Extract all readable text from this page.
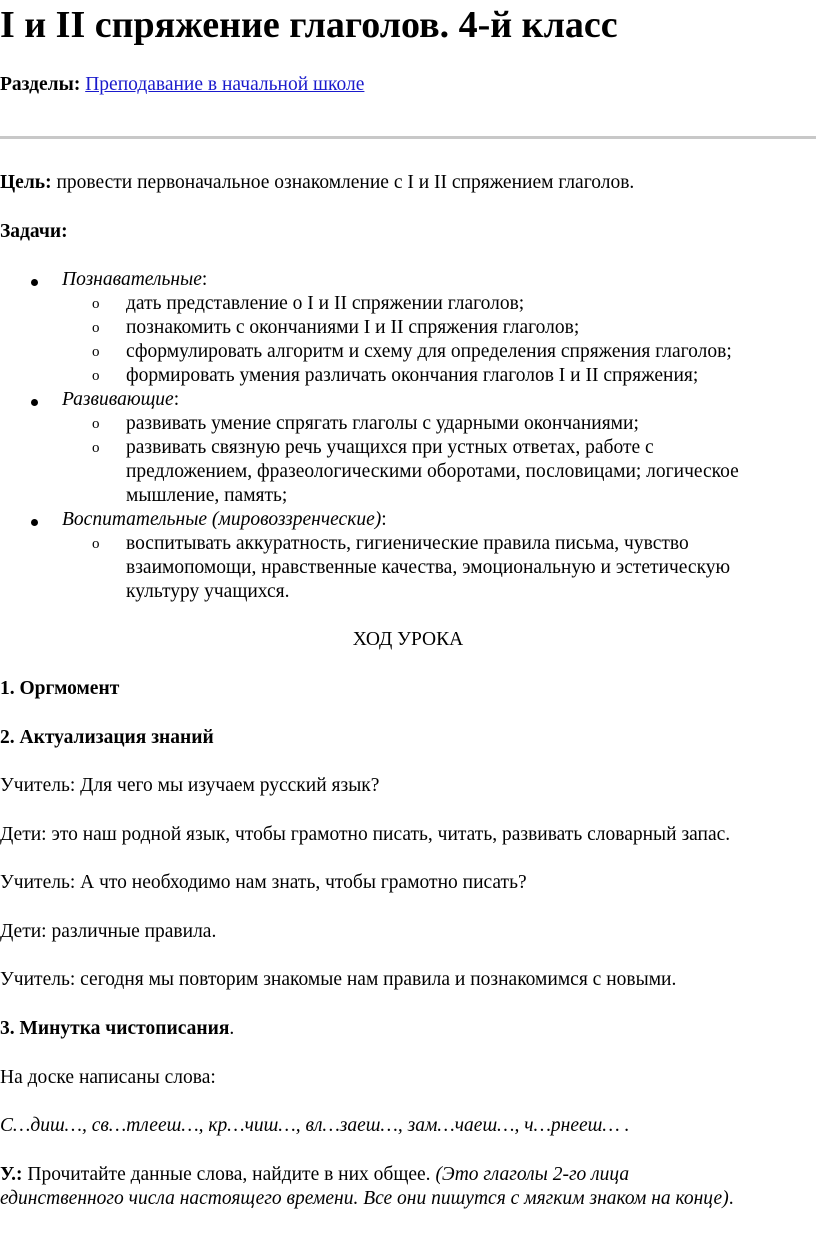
I и II спряжение глаголов. 4-й класс
Разделы: Преподавание в начальной школе
Цель: провести первоначальное ознакомление с I и II спряжением глаголов.
Задачи:
Познавательные:
o дать представление о I и II спряжении глаголов;
o познакомить с окончаниями I и II спряжения глаголов;
o сформулировать алгоритм и схему для определения спряжения глаголов;
o формировать умения различать окончания глаголов I и II спряжения;
Развивающие:
o развивать умение спрягать глаголы с ударными окончаниями;
o развивать связную речь учащихся при устных ответах, работе с
предложением, фразеологическими оборотами, пословицами; логическое
мышление, память;
Воспитательные (мировоззренческие):
o воспитывать аккуратность, гигиенические правила письма, чувство
взаимопомощи, нравственные качества, эмоциональную и эстетическую
культуру учащихся.
ХОД УРОКА
1. Оргмомент
2. Актуализация знаний
Учитель: Для чего мы изучаем русский язык?
Дети: это наш родной язык, чтобы грамотно писать, читать, развивать словарный запас.
Учитель: А что необходимо нам знать, чтобы грамотно писать?
Дети: различные правила.
Учитель: сегодня мы повторим знакомые нам правила и познакомимся с новыми.
3. Минутка чистописания.
На доске написаны слова:
С…диш…, св…тлееш…, кр…чиш…, вл…заеш…, зам…чаеш…, ч…рнееш… .
У.: Прочитайте данные слова, найдите в них общее. (Это глаголы 2-го лица
единственного числа настоящего времени. Все они пишутся с мягким знаком на конце).
